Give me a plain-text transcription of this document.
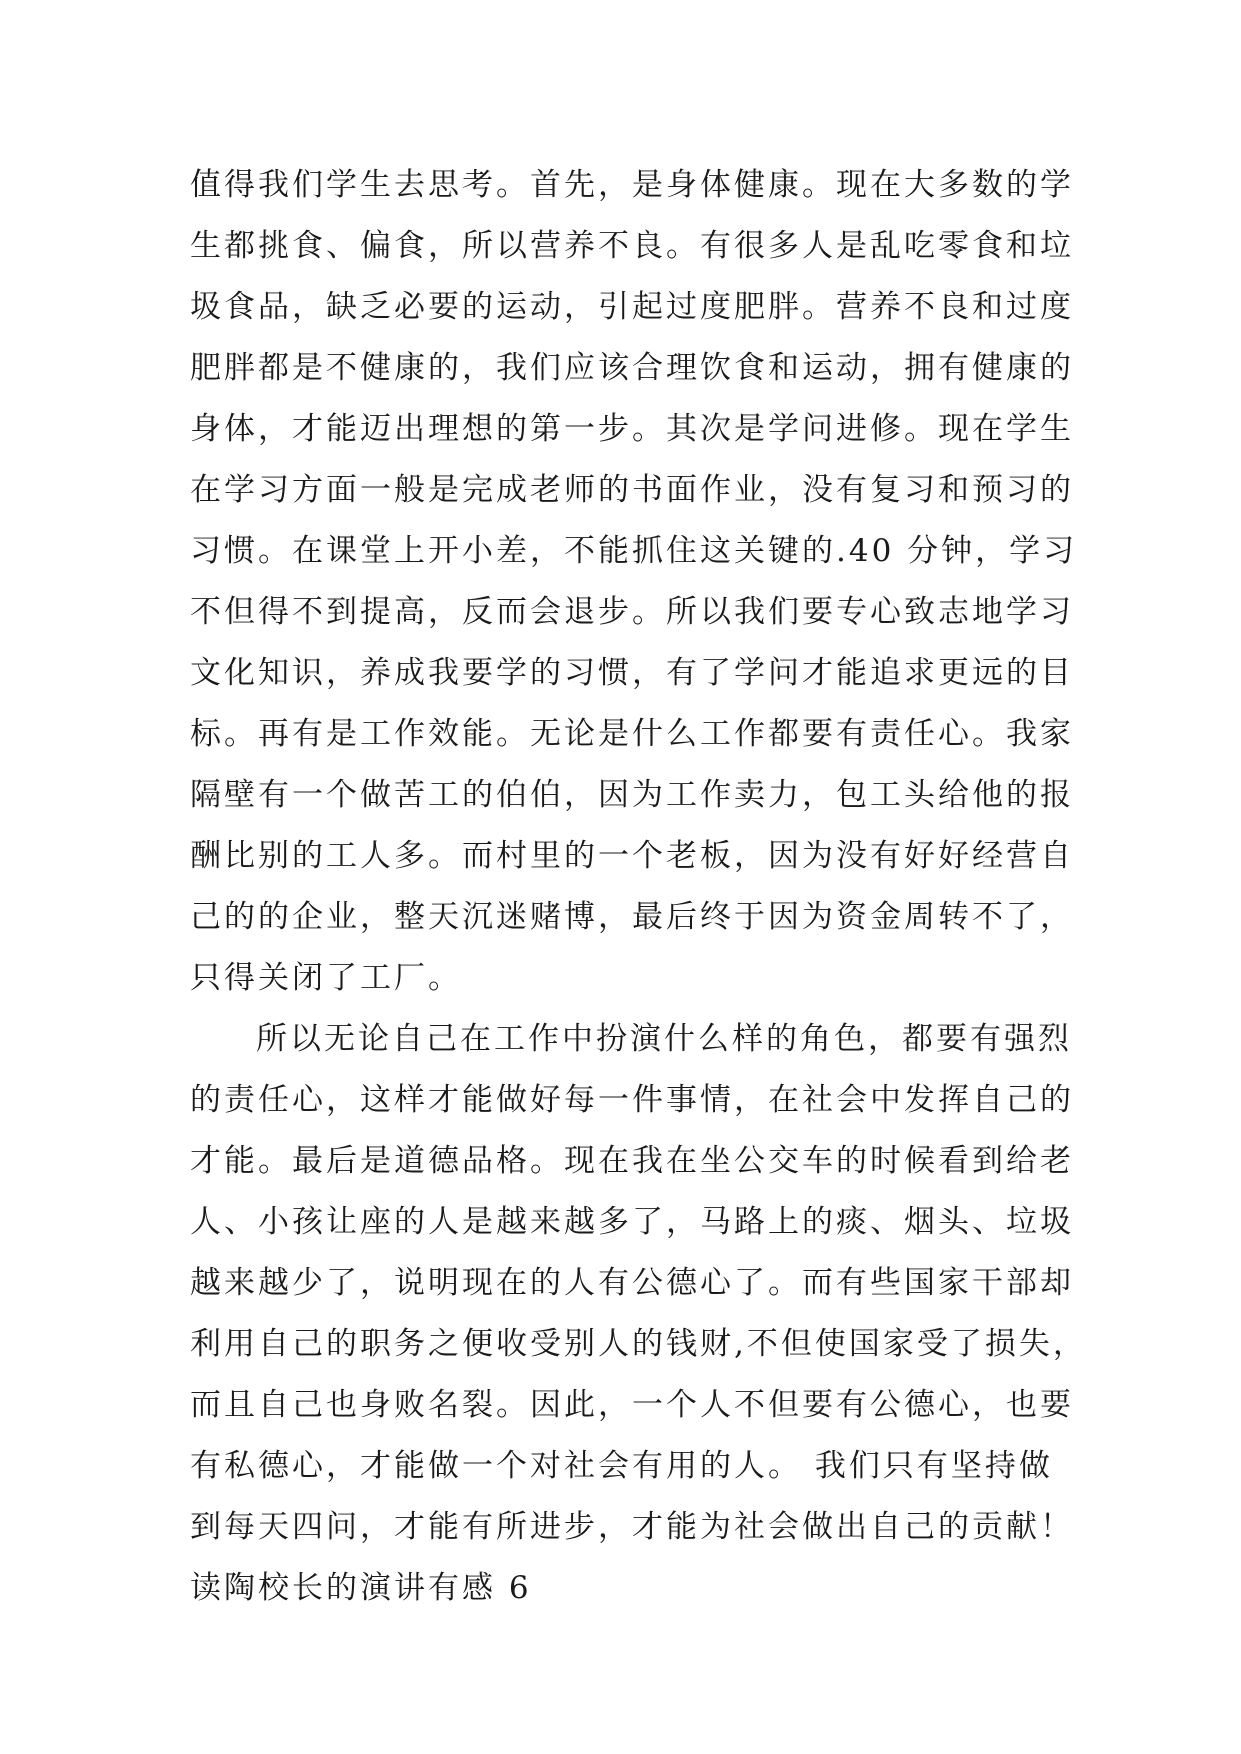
值得我们学生去思考。首先，是身体健康。现在大多数的学
生都挑食、偏食，所以营养不良。有很多人是乱吃零食和垃
圾食品，缺乏必要的运动，引起过度肥胖。营养不良和过度
肥胖都是不健康的，我们应该合理饮食和运动，拥有健康的
身体，才能迈出理想的第一步。其次是学问进修。现在学生
在学习方面一般是完成老师的书面作业，没有复习和预习的
习惯。在课堂上开小差，不能抓住这关键的.40 分钟，学习
不但得不到提高，反而会退步。所以我们要专心致志地学习
文化知识，养成我要学的习惯，有了学问才能追求更远的目
标。再有是工作效能。无论是什么工作都要有责任心。我家
隔壁有一个做苦工的伯伯，因为工作卖力，包工头给他的报
酬比别的工人多。而村里的一个老板，因为没有好好经营自
己的的企业，整天沉迷赌博，最后终于因为资金周转不了，
只得关闭了工厂。
所以无论自己在工作中扮演什么样的角色，都要有强烈
的责任心，这样才能做好每一件事情，在社会中发挥自己的
才能。最后是道德品格。现在我在坐公交车的时候看到给老
人、小孩让座的人是越来越多了，马路上的痰、烟头、垃圾
越来越少了，说明现在的人有公德心了。而有些国家干部却
利用自己的职务之便收受别人的钱财,不但使国家受了损失，
而且自己也身败名裂。因此，一个人不但要有公德心，也要
有私德心，才能做一个对社会有用的人。 我们只有坚持做
到每天四问，才能有所进步，才能为社会做出自己的贡献！
读陶校长的演讲有感 6
